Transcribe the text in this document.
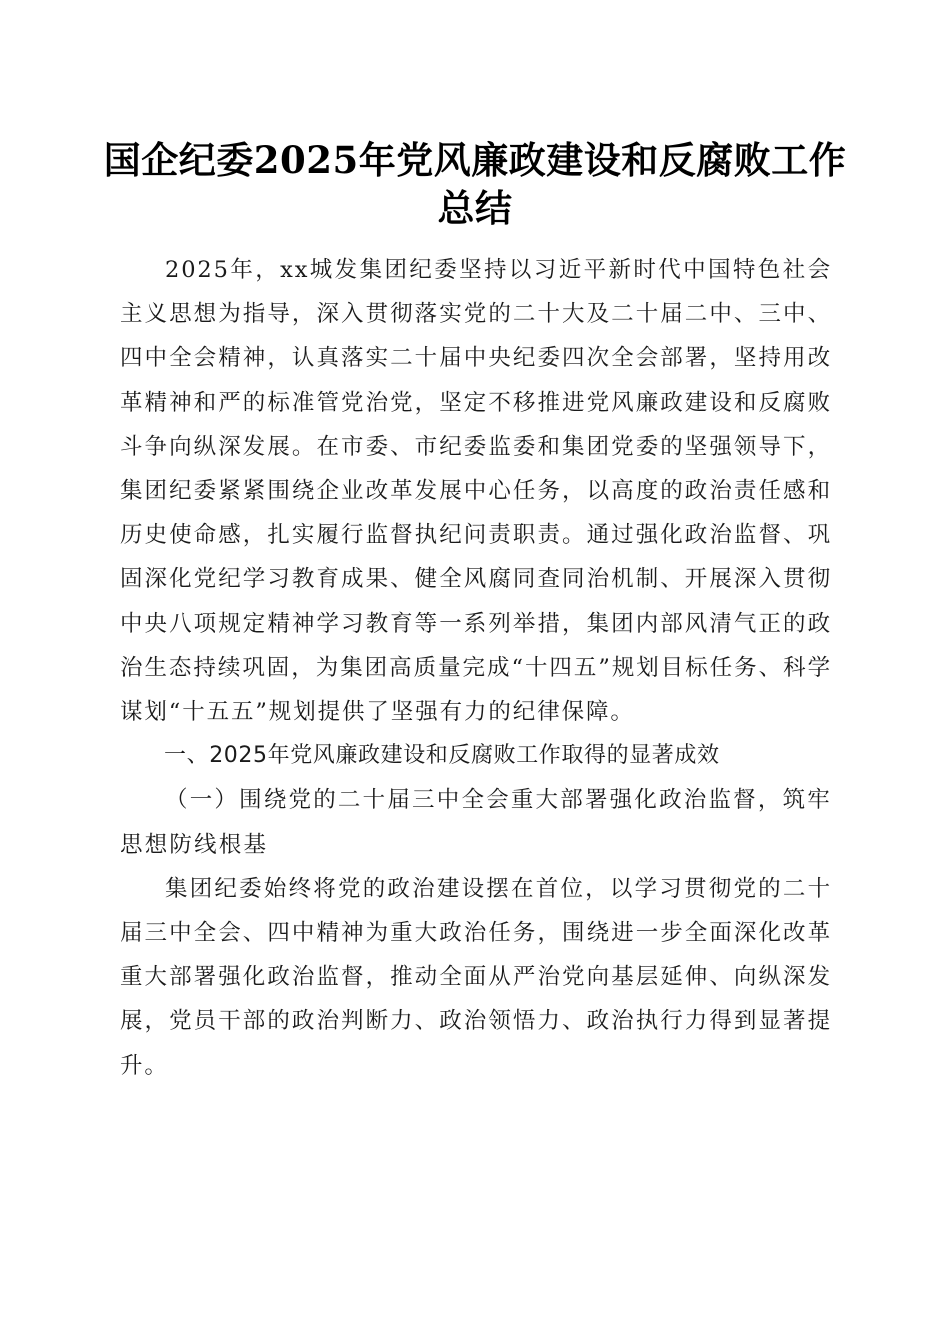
国企纪委2025年党风廉政建设和反腐败工作
总结

2025年，xx城发集团纪委坚持以习近平新时代中国特色社会主义思想为指导，深入贯彻落实党的二十大及二十届二中、三中、四中全会精神，认真落实二十届中央纪委四次全会部署，坚持用改革精神和严的标准管党治党，坚定不移推进党风廉政建设和反腐败斗争向纵深发展。在市委、市纪委监委和集团党委的坚强领导下，集团纪委紧紧围绕企业改革发展中心任务，以高度的政治责任感和历史使命感，扎实履行监督执纪问责职责。通过强化政治监督、巩固深化党纪学习教育成果、健全风腐同查同治机制、开展深入贯彻中央八项规定精神学习教育等一系列举措，集团内部风清气正的政治生态持续巩固，为集团高质量完成“十四五”规划目标任务、科学谋划“十五五”规划提供了坚强有力的纪律保障。

一、2025年党风廉政建设和反腐败工作取得的显著成效

（一）围绕党的二十届三中全会重大部署强化政治监督，筑牢思想防线根基

集团纪委始终将党的政治建设摆在首位，以学习贯彻党的二十届三中全会、四中精神为重大政治任务，围绕进一步全面深化改革重大部署强化政治监督，推动全面从严治党向基层延伸、向纵深发展，党员干部的政治判断力、政治领悟力、政治执行力得到显著提升。
